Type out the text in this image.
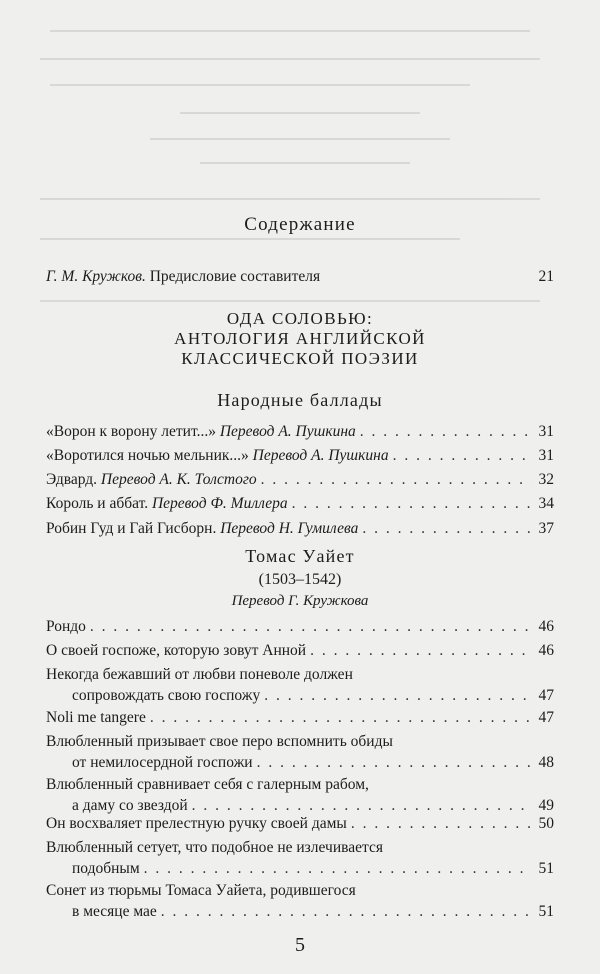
Содержание
Г. М. Кружков. Предисловие составителя	21
ОДА СОЛОВЬЮ:
АНТОЛОГИЯ АНГЛИЙСКОЙ
КЛАССИЧЕСКОЙ ПОЭЗИИ
Народные баллады
«Ворон к ворону летит...» Перевод А. Пушкина . . .	31
«Воротился ночью мельник...» Перевод А. Пушкина . . .	31
Эдвард. Перевод А. К. Толстого . . .	32
Король и аббат. Перевод Ф. Миллера . . .	34
Робин Гуд и Гай Гисборн. Перевод Н. Гумилева . . .	37
Томас Уайет
(1503–1542)
Перевод Г. Кружкова
Рондо . . .	46
О своей госпоже, которую зовут Анной . . .	46
Некогда бежавший от любви поневоле должен
сопровождать свою госпожу . . .	47
Noli me tangere . . .	47
Влюбленный призывает свое перо вспомнить обиды
от немилосердной госпожи . . .	48
Влюбленный сравнивает себя с галерным рабом,
а даму со звездой . . .	49
Он восхваляет прелестную ручку своей дамы . . .	50
Влюбленный сетует, что подобное не излечивается
подобным . . .	51
Сонет из тюрьмы Томаса Уайета, родившегося
в месяце мае . . .	51
5
